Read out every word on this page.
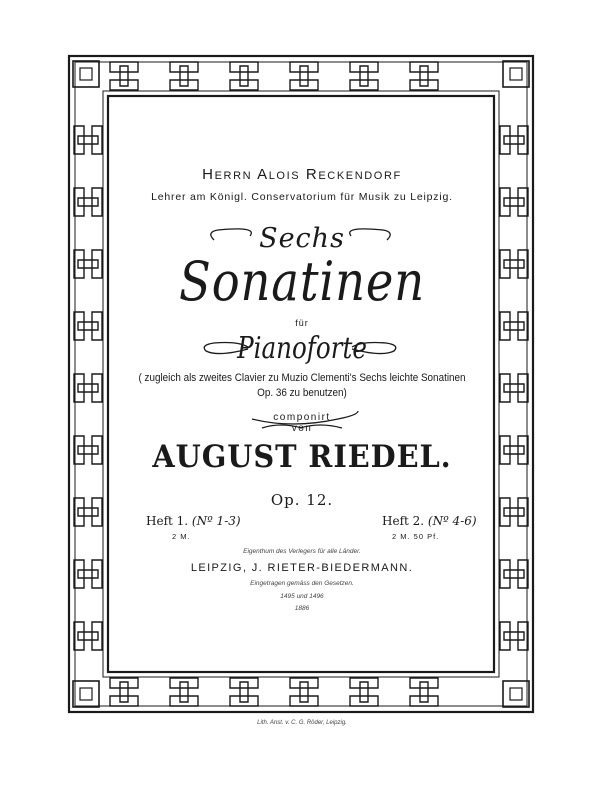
Herrn Alois Reckendorf
Lehrer am Königl. Conservatorium für Musik zu Leipzig.
Sechs
Sonatinen
für
Pianoforte
( zugleich als zweites Clavier zu Muzio Clementi's Sechs leichte Sonatinen
Op. 36 zu benutzen)
componirt
von
AUGUST RIEDEL.
Op. 12.
Heft 1. (Nº 1-3)
2 M.
Heft 2. (Nº 4-6)
2 M. 50 Pf.
Eigenthum des Verlegers für alle Länder.
LEIPZIG, J. RIETER-BIEDERMANN.
Eingetragen gemäss den Gesetzen.
1495 und 1496
1886
Lith. Anst. v. C. G. Röder, Leipzig.
